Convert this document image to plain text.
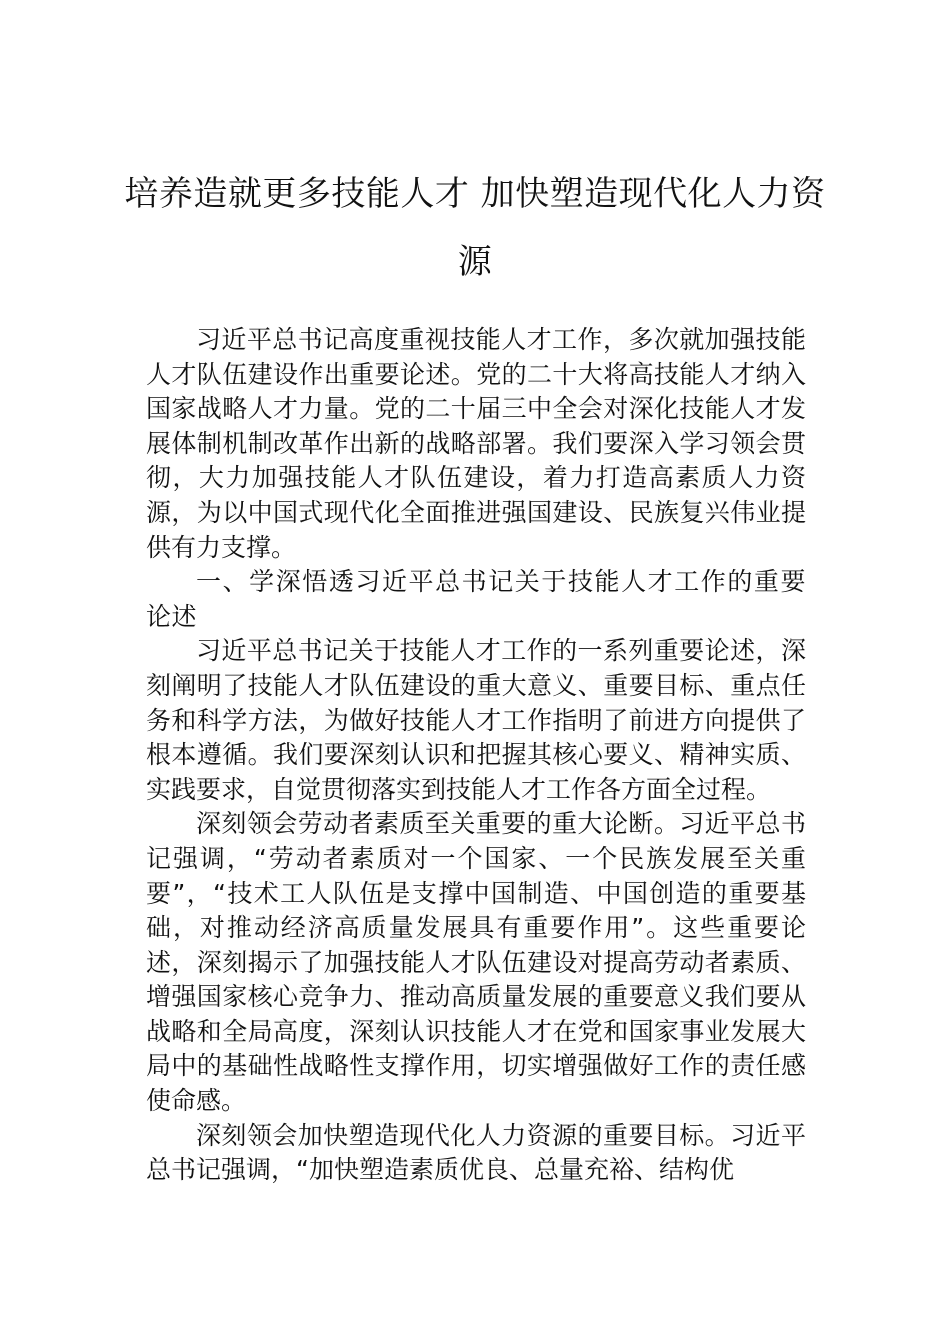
培养造就更多技能人才 加快塑造现代化人力资源

习近平总书记高度重视技能人才工作，多次就加强技能人才队伍建设作出重要论述。党的二十大将高技能人才纳入国家战略人才力量。党的二十届三中全会对深化技能人才发展体制机制改革作出新的战略部署。我们要深入学习领会贯彻，大力加强技能人才队伍建设，着力打造高素质人力资源，为以中国式现代化全面推进强国建设、民族复兴伟业提供有力支撑。

一、学深悟透习近平总书记关于技能人才工作的重要论述

习近平总书记关于技能人才工作的一系列重要论述，深刻阐明了技能人才队伍建设的重大意义、重要目标、重点任务和科学方法，为做好技能人才工作指明了前进方向提供了根本遵循。我们要深刻认识和把握其核心要义、精神实质、实践要求，自觉贯彻落实到技能人才工作各方面全过程。

深刻领会劳动者素质至关重要的重大论断。习近平总书记强调，“劳动者素质对一个国家、一个民族发展至关重要”，“技术工人队伍是支撑中国制造、中国创造的重要基础，对推动经济高质量发展具有重要作用”。这些重要论述，深刻揭示了加强技能人才队伍建设对提高劳动者素质、增强国家核心竞争力、推动高质量发展的重要意义我们要从战略和全局高度，深刻认识技能人才在党和国家事业发展大局中的基础性战略性支撑作用，切实增强做好工作的责任感使命感。

深刻领会加快塑造现代化人力资源的重要目标。习近平总书记强调，“加快塑造素质优良、总量充裕、结构优
